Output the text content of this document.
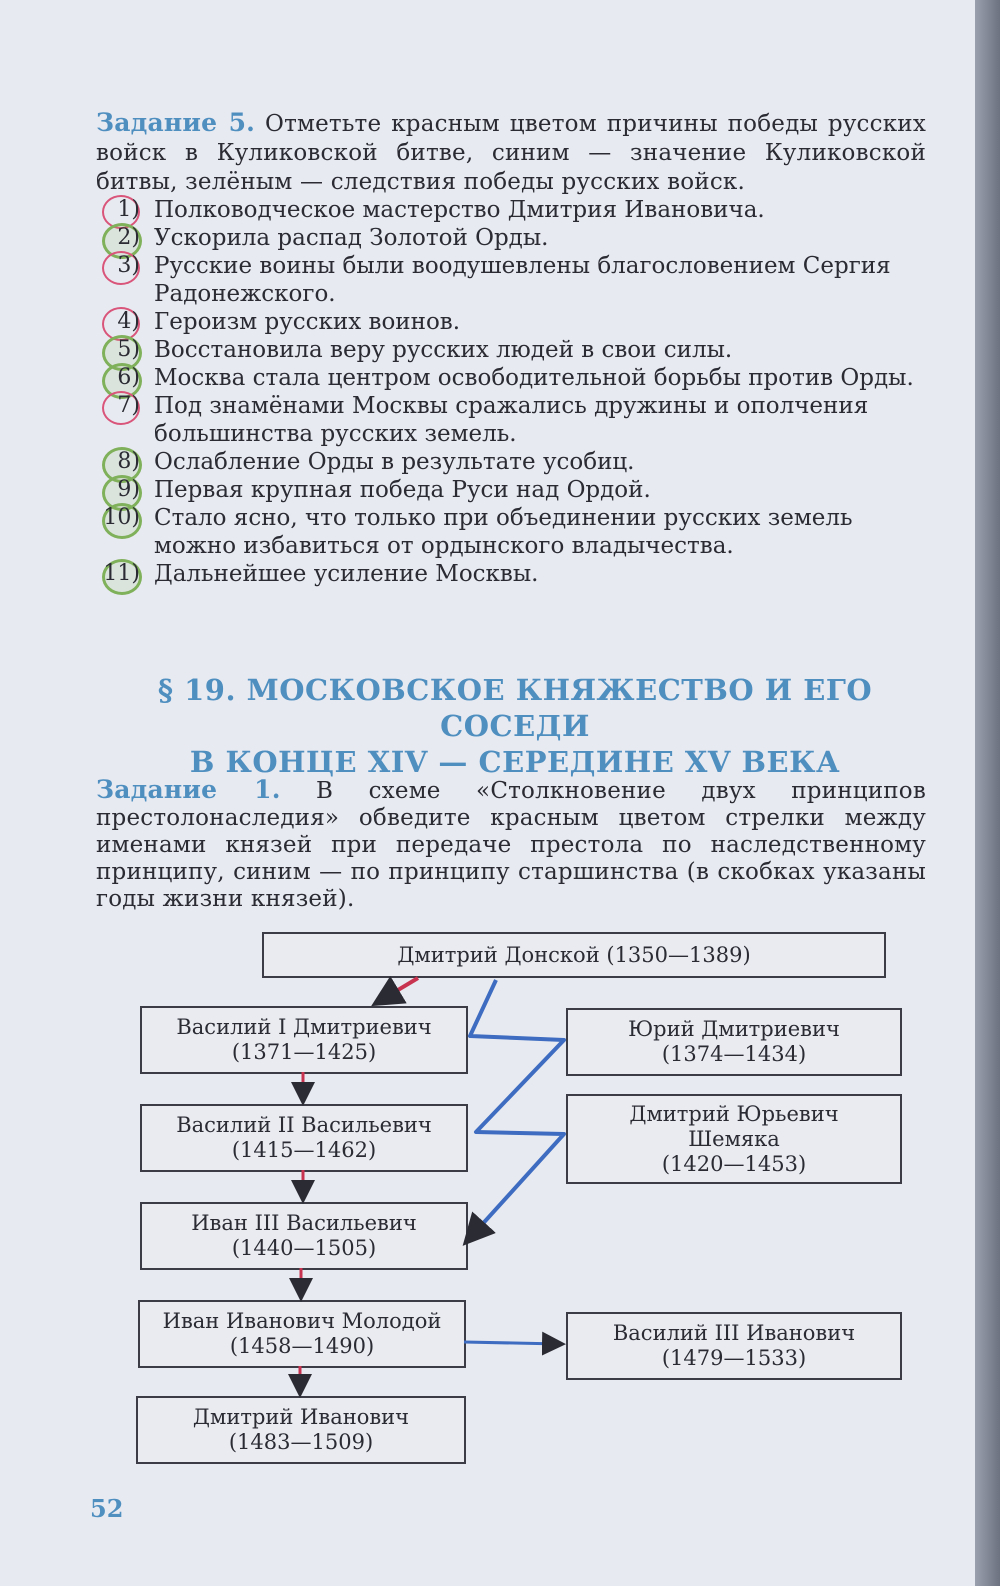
Задание 5. Отметьте красным цветом причины победы русских войск в Куликовской битве, синим — значение Куликовской битвы, зелёным — следствия победы русских войск.
1) Полководческое мастерство Дмитрия Ивановича.
2) Ускорила распад Золотой Орды.
3) Русские воины были воодушевлены благословением Сергия Радонежского.
4) Героизм русских воинов.
5) Восстановила веру русских людей в свои силы.
6) Москва стала центром освободительной борьбы против Орды.
7) Под знамёнами Москвы сражались дружины и ополчения большинства русских земель.
8) Ослабление Орды в результате усобиц.
9) Первая крупная победа Руси над Ордой.
10) Стало ясно, что только при объединении русских земель можно избавиться от ордынского владычества.
11) Дальнейшее усиление Москвы.
§ 19. МОСКОВСКОЕ КНЯЖЕСТВО И ЕГО СОСЕДИ
В КОНЦЕ XIV — СЕРЕДИНЕ XV ВЕКА
Задание 1. В схеме «Столкновение двух принципов престолонаследия» обведите красным цветом стрелки между именами князей при передаче престола по наследственному принципу, синим — по принципу старшинства (в скобках указаны годы жизни князей).
Дмитрий Донской (1350—1389)
Василий I Дмитриевич
(1371—1425)
Юрий Дмитриевич
(1374—1434)
Василий II Васильевич
(1415—1462)
Дмитрий Юрьевич
Шемяка
(1420—1453)
Иван III Васильевич
(1440—1505)
Иван Иванович Молодой
(1458—1490)
Василий III Иванович
(1479—1533)
Дмитрий Иванович
(1483—1509)
52
